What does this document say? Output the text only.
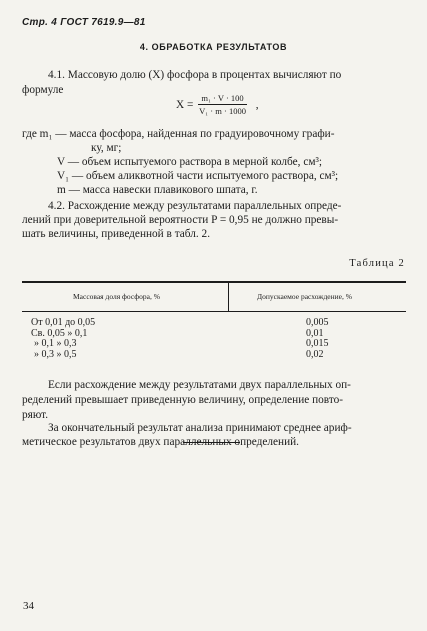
Стр. 4 ГОСТ 7619.9—81
4. ОБРАБОТКА РЕЗУЛЬТАТОВ
4.1. Массовую долю (X) фосфора в процентах вычисляют по
формуле
$X = \frac{\text{m₁ · V · 100}}{\text{V₁ · m · 1000}}$ ,
где m₁ — масса фосфора, найденная по градуировочному графи-
ку, мг;
V — объем испытуемого раствора в мерной колбе, см³;
V₁ — объем аликвотной части испытуемого раствора, см³;
m — масса навески плавикового шпата, г.
4.2. Расхождение между результатами параллельных опреде-
лений при доверительной вероятности P = 0,95 не должно превы-
шать величины, приведенной в табл. 2.
Таблица 2
Массовая доля фосфора, %	Допускаемое расхождение, %
От 0,01 до 0,05	0,005
Св. 0,05 » 0,1	0,01
» 0,1 » 0,3	0,015
» 0,3 » 0,5	0,02
Если расхождение между результатами двух параллельных оп-
ределений превышает приведенную величину, определение повто-
ряют.
За окончательный результат анализа принимают среднее ариф-
метическое результатов двух параллельных определений.
34
